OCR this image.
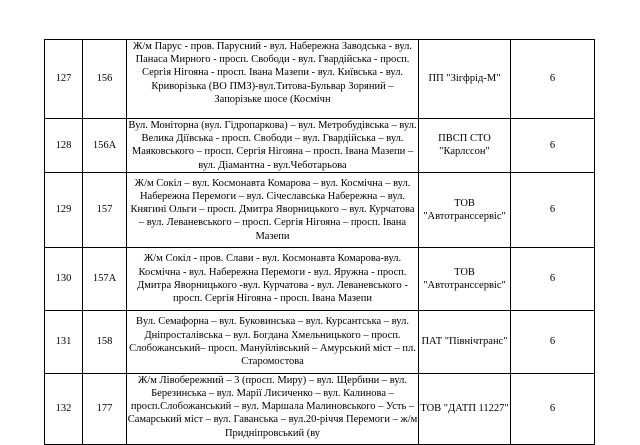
127	156	Ж/м Парус - пров. Парусний - вул. Набережна Заводська - вул. Панаса Мирного - просп. Свободи - вул. Гвардійська - просп. Сергія Нігояна - просп. Івана Мазепи - вул. Київська - вул. Криворізька (ВО ПМЗ)-вул.Титова-Бульвар Зоряний – Запорізьке шосе (Космічн	ПП "Зігфрід-М"	6
128	156А	Вул. Моніторна (вул. Гідропаркова) – вул. Метробудівська – вул. Велика Діївська - просп. Свободи – вул. Гвардійська – вул. Маяковського – просп. Сергія Нігояна – просп. Івана Мазепи –вул. Діамантна - вул.Чеботарьова	ПВСП СТО "Карлссон"	6
129	157	Ж/м Сокіл – вул. Космонавта Комарова – вул. Космічна – вул. Набережна Перемоги – вул. Січеславська Набережна – вул. Княгині Ольги – просп. Дмитра Яворницького – вул. Курчатова – вул. Леваневського – просп. Сергія Нігояна – просп. Івана Мазепи	ТОВ "Автотранссервіс"	6
130	157А	Ж/м Сокіл - пров. Слави - вул. Космонавта Комарова-вул. Космічна - вул. Набережна Перемоги - вул. Яружна - просп. Дмитра Яворницького -вул. Курчатова - вул. Леваневського - просп. Сергія Нігояна - просп. Івана Мазепи	ТОВ "Автотранссервіс"	6
131	158	Вул. Семафорна – вул. Буковинська – вул. Курсантська – вул. Дніпросталівська – вул. Богдана Хмельницького – просп. Слобожанський– просп. Мануйлівський – Амурський міст – пл. Старомостова	ПАТ "Північтранс"	6
132	177	Ж/м Лівобережний – 3 (просп. Миру) – вул. Щербини – вул. Березинська – вул. Марії Лисиченко – вул. Калинова – просп.Слобожанський – вул. Маршала Малиновського – Усть – Самарський міст – вул. Гаванська – вул.20-річчя Перемоги – ж/м Придніпровський (ву	ТОВ "ДАТП 11227"	6
